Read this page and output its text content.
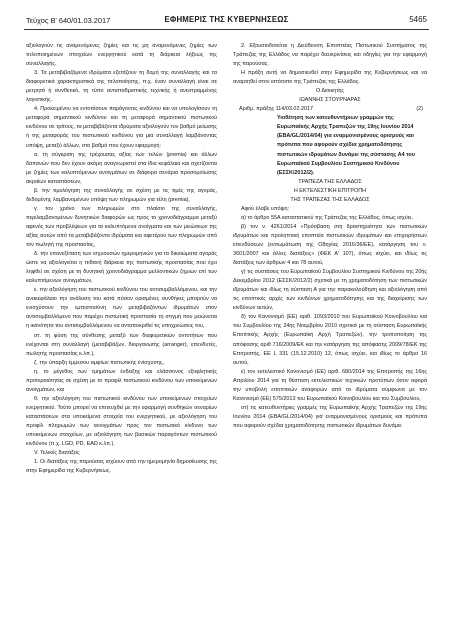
Τεύχος Β' 640/01.03.2017	ΕΦΗΜΕΡΙΣ ΤΗΣ ΚΥΒΕΡΝΗΣΕΩΣ	5465

αξιολογούν τις αναμενόμενες ζημίες και τις μη αναμενόμενες ζημίες των τιτλοποιημένων στοιχείων ενεργητικού κατά τη διάρκεια λήξεως της συναλλαγής.

3. Τα μεταβιβαζόμενα ιδρύματα εξετάζουν τη δομή της συναλλαγής και τα διαφορετικά χαρακτηριστικά της τιτλοποίησης, π.χ. έναν συναλλαγή είναι σε μετρητά ή συνθετικό, τη τύπο αντισταθμιστικής τεχνικής ή ανεστραμμένης λογιστικής.

4. Προκειμένου να εντοπίσουν παράγοντες κινδύνου και να υπολογίσουν τη μεταφορά σημαντικού κινδύνου και τη μεταφορά σημαντικού πιστωτικού κινδύνου σε τρίτους, τα μεταβιβάζοντα ιδρύματα αξιολογούν τον βαθμό μείωσης ή της μεταφοράς του πιστωτικού κινδύνου για μια συναλλαγή λαμβάνοντας υπόψη, μεταξύ άλλων, στο βαθμό που έχουν εφαρμογή:

α. τη σύγκριση της τρέχουσας αξίας των τελών (premia) και άλλων δαπανών που δεν έχουν ακόμη αναγνωριστεί στα ίδια κεφάλαια και σχετίζονται με ζημίες των καλυπτόμενων ανοιγμάτων σε διάφορα σενάρια προσομοίωσης ακραίων καταστάσεων,

β. την τιμολόγηση της συναλλαγής σε σχέση με τις τιμές της αγοράς, δεδομένης λαμβανομένων υπόψη των πληρωμών για τέλη (premia),

γ. τον χρόνο των πληρωμών στο πλαίσιο της συναλλαγής, περιλαμβανομένων δυνητικών διαφορών ως προς το χρονοδιάγραμμα μεταξύ αφενός των προβλέψεων για τα καλυπτόμενα ανοίγματα και των μειώσεων της αξίας αυτών από τα μεταβιβάζοντα ιδρύματα και αφετέρου των πληρωμών από τον πωλητή της προστασίας,

δ. την επανεξέταση των ισχυουσών ημερομηνιών για τα δικαιώματα αγοράς ώστε να αξιολογείται η πιθανή διάρκεια της πιστωτικής προστασίας που έχει ληφθεί σε σχέση με τη δυνητική χρονοδιάγραμμα μελλοντικών ζημιών επί των καλυπτόμενων ανοιγμάτων,

ε. την αξιολόγηση του πιστωτικού κινδύνου του αντισυμβαλλόμενου, και την ανακεφάλαιο την ανάλυση του κατά πόσον ορισμένες συνθήκες μπορούν να ενισχύσουν την εμπιστοσύνη των μεταβιβαζόντων ιδρυμάτων στον αντισυμβαλλόμενο που παρέχει πιστωτική προστασία τη στιγμή που μειώνεται η ικανότητα του αντισυμβαλλόμενου να ανταποκριθεί τις υποχρεώσεις του,

στ. τη φύση της σύνθεσης μεταξύ των διαφορετικών οντοτήτων που ενέχονται στη συναλλαγή (μεταβιβάζων, διοργανωτής (arranger), επενδυτές, πωλητής προστασίας κ.λπ.),

ζ. την ύπαρξη έμμεσου αμφίων πιστωτικής ενίσχυσης,

η. το μέγεθος των τμημάτων ένδειξης και ελάσσονος εξοφλητικής προτεραιότητας σε σχέση με το προφίλ πιστωτικού κινδύνου των υποκείμενων ανοιγμάτων, και

θ. την αξιολόγηση του πιστωτικού κινδύνου των υποκείμενων στοιχείων ενεργητικού. Τούτο μπορεί να επιτευχθεί με την εφαρμογή συνθηκών σεναρίων καταστάσεων στα υποκείμενα στοιχεία του ενεργητικού, με αξιολόγηση του προφίλ πληρωμών των ανοιγμάτων προς τον πιστωτικό κίνδυνο των υποκείμενων στοιχείων, με αξιολόγηση των βασικών παραγόντων πιστωτικού κινδύνου (π.χ. LGD, PD, EAD κ.λπ.).

V. Τελικές διατάξεις

1. Οι διατάξεις της παρούσας ισχύουν από την ημερομηνία δημοσίευσης της στην Εφημερίδα της Κυβερνήσεως.

2. Εξουσιοδοτείται η Διεύθυνση Εποπτείας Πιστωτικού Συστήματος της Τράπεζας της Ελλάδος να παρέχει διευκρινίσεις και οδηγίες για την εφαρμογή της παρούσας.

Η πράξη αυτή να δημοσιευθεί στην Εφημερίδα της Κυβερνήσεως και να αναρτηθεί στον ιστότοπο της Τράπεζας της Ελλάδος.

Ο Διοικητής

ΙΩΑΝΝΗΣ ΣΤΟΥΡΝΑΡΑΣ

Αριθμ. πράξης 114/03.02.2017	(2)

Υιοθέτηση των κατευθυντήριων γραμμών της Ευρωπαϊκής Αρχής Τραπεζών της 19ης Ιουνίου 2014 (EBA/GL/2014/04) για εναρμονισμένους ορισμούς και πρότυπα που αφορούν σχέδια χρηματοδότησης πιστωτικών ιδρυμάτων δυνάμει της σύστασης Α4 του Ευρωπαϊκού Συμβουλίου Συστημικού Κινδύνου (ΕΣΣΚ/2012/2).

ΤΡΑΠΕΖΑ ΤΗΣ ΕΛΛΑΔΟΣ

Η ΕΚΤΕΛΕΣΤΙΚΗ ΕΠΙΤΡΟΠΗ

ΤΗΣ ΤΡΑΠΕΖΑΣ ΤΗΣ ΕΛΛΑΔΟΣ

Αφού έλαβε υπόψη:

α) το άρθρο 55Α καταστατικού της Τράπεζας της Ελλάδος, όπως ισχύει,

β) τον ν. 4261/2014 «Πρόσβαση στη δραστηριότητα των πιστωτικών ιδρυμάτων και προληπτική εποπτεία πιστωτικών ιδρυμάτων και επιχειρήσεων επενδύσεων (ενσωμάτωση της Οδηγίας 2016/36/ΕΕ), κατάργηση του ν. 3601/2007 και άλλες διατάξεις» (ΦΕΚ Α' 107), όπως ισχύει, και ιδίως τις διατάξεις των άρθρων 4 και 78 αυτού,

γ) τις συστάσεις του Ευρωπαϊκού Συμβουλίου Συστημικού Κινδύνου της 20ής Δεκεμβρίου 2012 (ΕΣΣΚ/2012/2) σχετικά με τη χρηματοδότηση των πιστωτικών ιδρυμάτων και ιδίως τη σύσταση Α για την παρακολούθηση και αξιολόγηση από τις εποπτικές αρχές των κινδύνων χρηματοδότησης και της διαχείρισης των κινδύνων αυτών,

δ) τον Κανονισμό (ΕΕ) αριθ. 1093/2010 του Ευρωπαϊκού Κοινοβουλίου και του Συμβουλίου της 24ης Νοεμβρίου 2010 σχετικά με τη σύσταση Ευρωπαϊκής Εποπτικής Αρχής (Ευρωπαϊκή Αρχή Τραπεζών), την τροποποίηση της απόφασης αριθ 716/2009/ΕΚ και την κατάργηση της απόφασης 2009/78/ΕΚ της Επιτροπής, ΕΕ L 331 (15.12.2010) 12, όπως ισχύει, και ιδίως το άρθρο 16 αυτού,

ε) τον εκτελεστικό Κανονισμό (ΕΕ) αριθ. 680/2014 της Επιτροπής της 16ης Απριλίου 2014 για τη θέσπιση εκτελεστικών τεχνικών προτύπων όσον αφορά την υποβολή εποπτικών αναφορών από τα ιδρύματα σύμφωνα με τον Κανονισμό (ΕΕ) 575/2013 του Ευρωπαϊκού Κοινοβουλίου και του Συμβουλίου,

στ) τις κατευθυντήριες γραμμές της Ευρωπαϊκής Αρχής Τραπεζών της 19ης Ιουνίου 2014 (EBA/GL/2014/04) για εναρμονισμένους ορισμούς και πρότυπα που αφορούν σχέδια χρηματοδότησης πιστωτικών ιδρυμάτων δυνάμει
